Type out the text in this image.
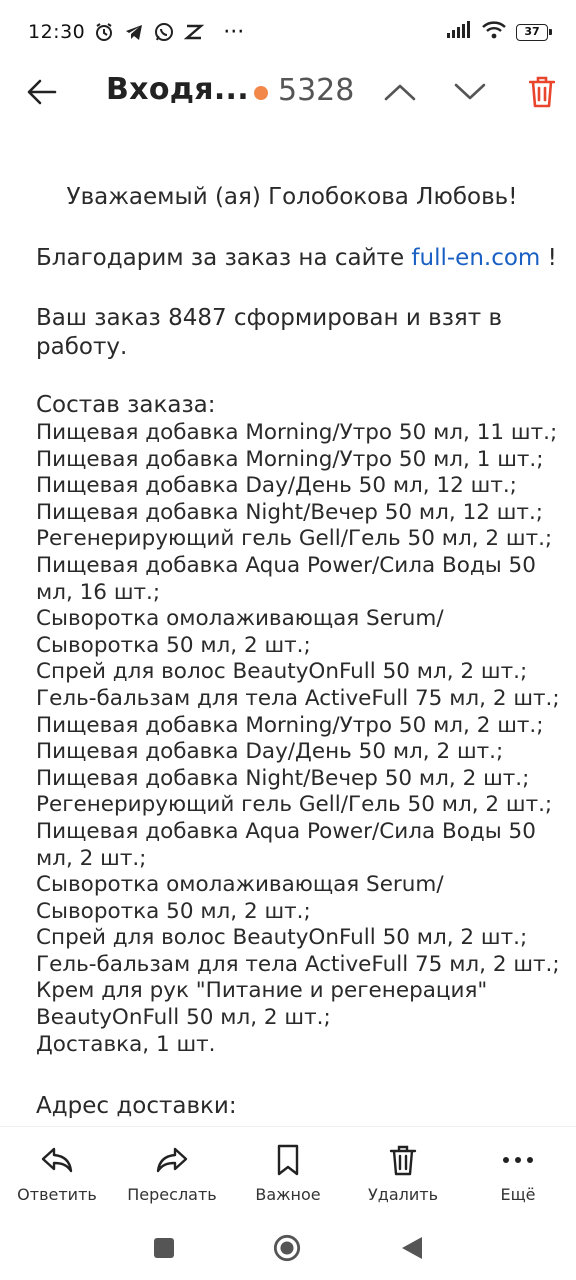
12:30	···	37
Входя... 5328
Уважаемый (ая) Голобокова Любовь!
Благодарим за заказ на сайте full-en.com !
Ваш заказ 8487 сформирован и взят в
работу.
Состав заказа:
Пищевая добавка Morning/Утро 50 мл, 11 шт.;
Пищевая добавка Morning/Утро 50 мл, 1 шт.;
Пищевая добавка Day/День 50 мл, 12 шт.;
Пищевая добавка Night/Вечер 50 мл, 12 шт.;
Регенерирующий гель Gell/Гель 50 мл, 2 шт.;
Пищевая добавка Aqua Power/Сила Воды 50
мл, 16 шт.;
Сыворотка омолаживающая Serum/
Сыворотка 50 мл, 2 шт.;
Спрей для волос BeautyOnFull 50 мл, 2 шт.;
Гель-бальзам для тела ActiveFull 75 мл, 2 шт.;
Пищевая добавка Morning/Утро 50 мл, 2 шт.;
Пищевая добавка Day/День 50 мл, 2 шт.;
Пищевая добавка Night/Вечер 50 мл, 2 шт.;
Регенерирующий гель Gell/Гель 50 мл, 2 шт.;
Пищевая добавка Aqua Power/Сила Воды 50
мл, 2 шт.;
Сыворотка омолаживающая Serum/
Сыворотка 50 мл, 2 шт.;
Спрей для волос BeautyOnFull 50 мл, 2 шт.;
Гель-бальзам для тела ActiveFull 75 мл, 2 шт.;
Крем для рук "Питание и регенерация"
BeautyOnFull 50 мл, 2 шт.;
Доставка, 1 шт.
Адрес доставки:
Ответить Переслать Важное	Удалить	Ещё
